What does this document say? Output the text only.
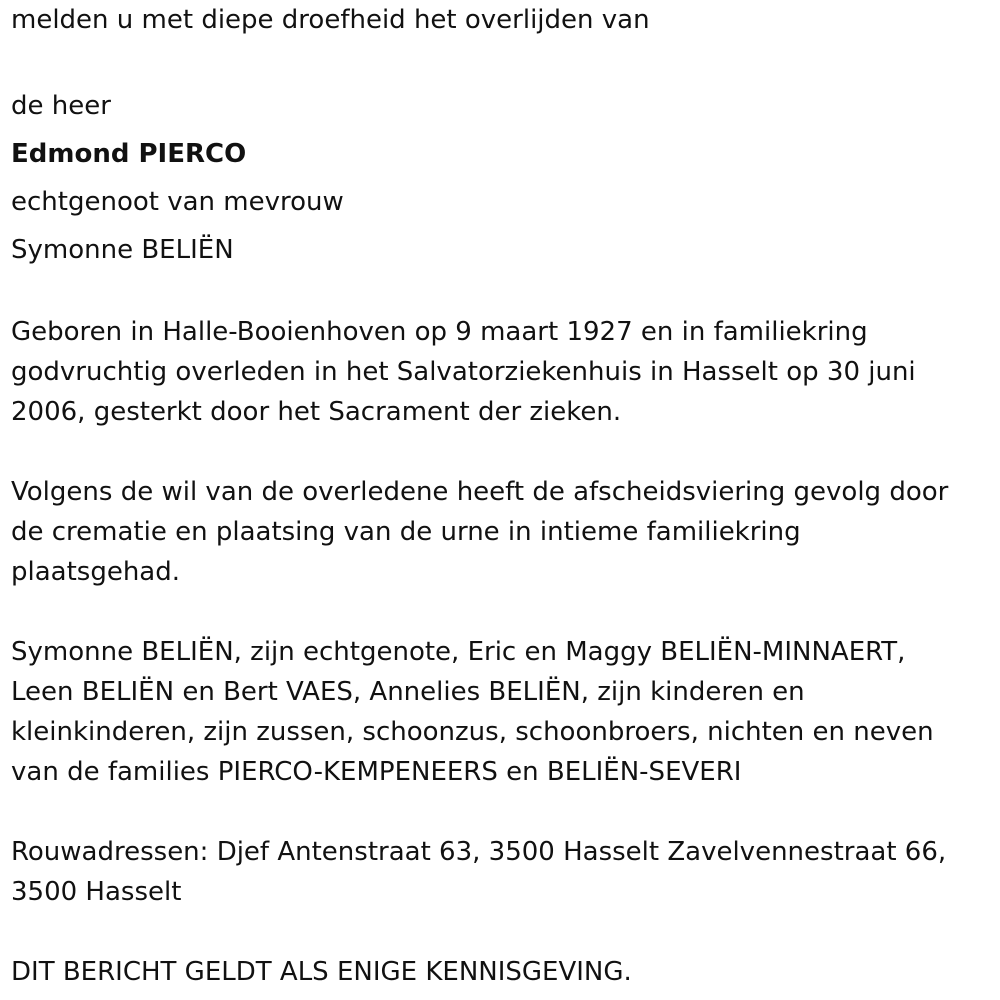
melden u met diepe droefheid het overlijden van
de heer
Edmond PIERCO
echtgenoot van mevrouw
Symonne BELIËN
Geboren in Halle-Booienhoven op 9 maart 1927 en in familiekring
godvruchtig overleden in het Salvatorziekenhuis in Hasselt op 30 juni
2006, gesterkt door het Sacrament der zieken.
Volgens de wil van de overledene heeft de afscheidsviering gevolg door
de crematie en plaatsing van de urne in intieme familiekring
plaatsgehad.
Symonne BELIËN, zijn echtgenote, Eric en Maggy BELIËN-MINNAERT,
Leen BELIËN en Bert VAES, Annelies BELIËN, zijn kinderen en
kleinkinderen, zijn zussen, schoonzus, schoonbroers, nichten en neven
van de families PIERCO-KEMPENEERS en BELIËN-SEVERI
Rouwadressen: Djef Antenstraat 63, 3500 Hasselt Zavelvennestraat 66,
3500 Hasselt
DIT BERICHT GELDT ALS ENIGE KENNISGEVING.
